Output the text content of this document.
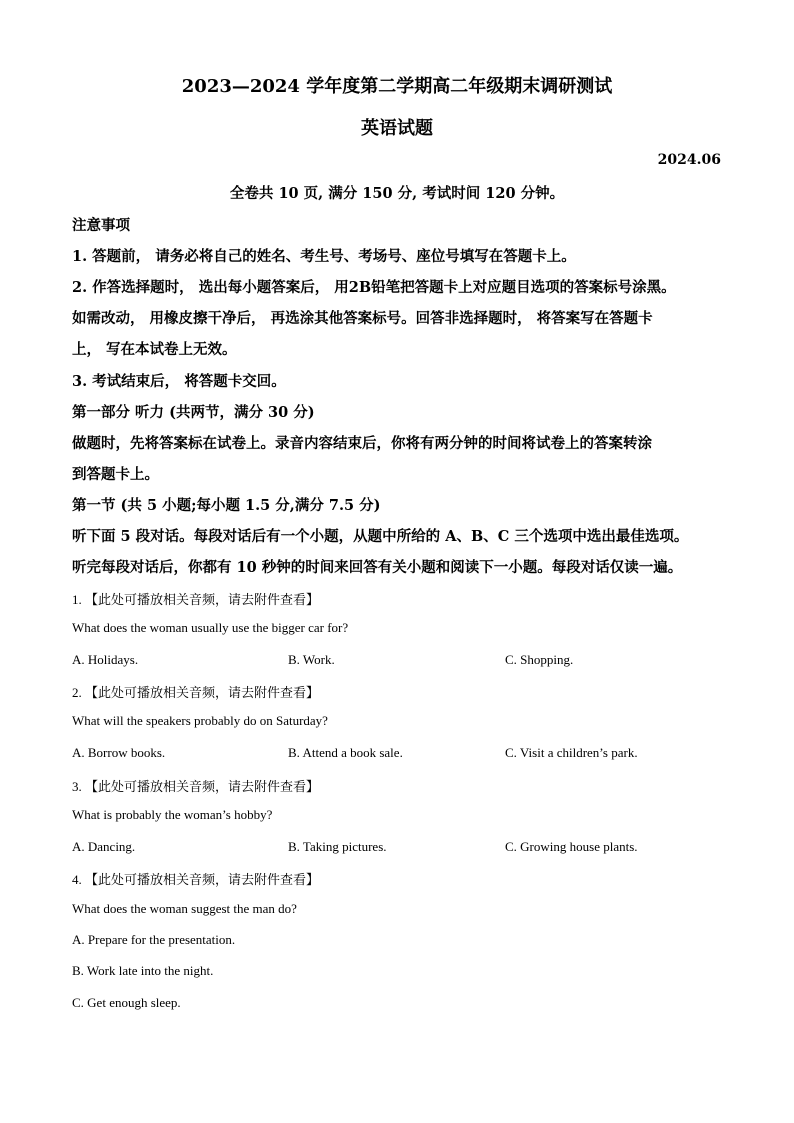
2023—2024 学年度第二学期高二年级期末调研测试
英语试题
2024.06
全卷共 10 页, 满分 150 分, 考试时间 120 分钟。
注意事项
1. 答题前， 请务必将自己的姓名、考生号、考场号、座位号填写在答题卡上。
2. 作答选择题时， 选出每小题答案后， 用2B铅笔把答题卡上对应题目选项的答案标号涂黑。
如需改动， 用橡皮擦干净后， 再选涂其他答案标号。回答非选择题时， 将答案写在答题卡
上， 写在本试卷上无效。
3. 考试结束后， 将答题卡交回。
第一部分 听力 (共两节，满分 30 分)
做题时，先将答案标在试卷上。录音内容结束后，你将有两分钟的时间将试卷上的答案转涂
到答题卡上。
第一节 (共 5 小题;每小题 1.5 分,满分 7.5 分)
听下面 5 段对话。每段对话后有一个小题，从题中所给的 A、B、C 三个选项中选出最佳选项。
听完每段对话后，你都有 10 秒钟的时间来回答有关小题和阅读下一小题。每段对话仅读一遍。
1. 【此处可播放相关音频，请去附件查看】
What does the woman usually use the bigger car for?
A. Holidays.	B. Work.	C. Shopping.
2. 【此处可播放相关音频，请去附件查看】
What will the speakers probably do on Saturday?
A. Borrow books.	B. Attend a book sale.	C. Visit a children’s park.
3. 【此处可播放相关音频，请去附件查看】
What is probably the woman’s hobby?
A. Dancing.	B. Taking pictures.	C. Growing house plants.
4. 【此处可播放相关音频，请去附件查看】
What does the woman suggest the man do?
A. Prepare for the presentation.
B. Work late into the night.
C. Get enough sleep.
